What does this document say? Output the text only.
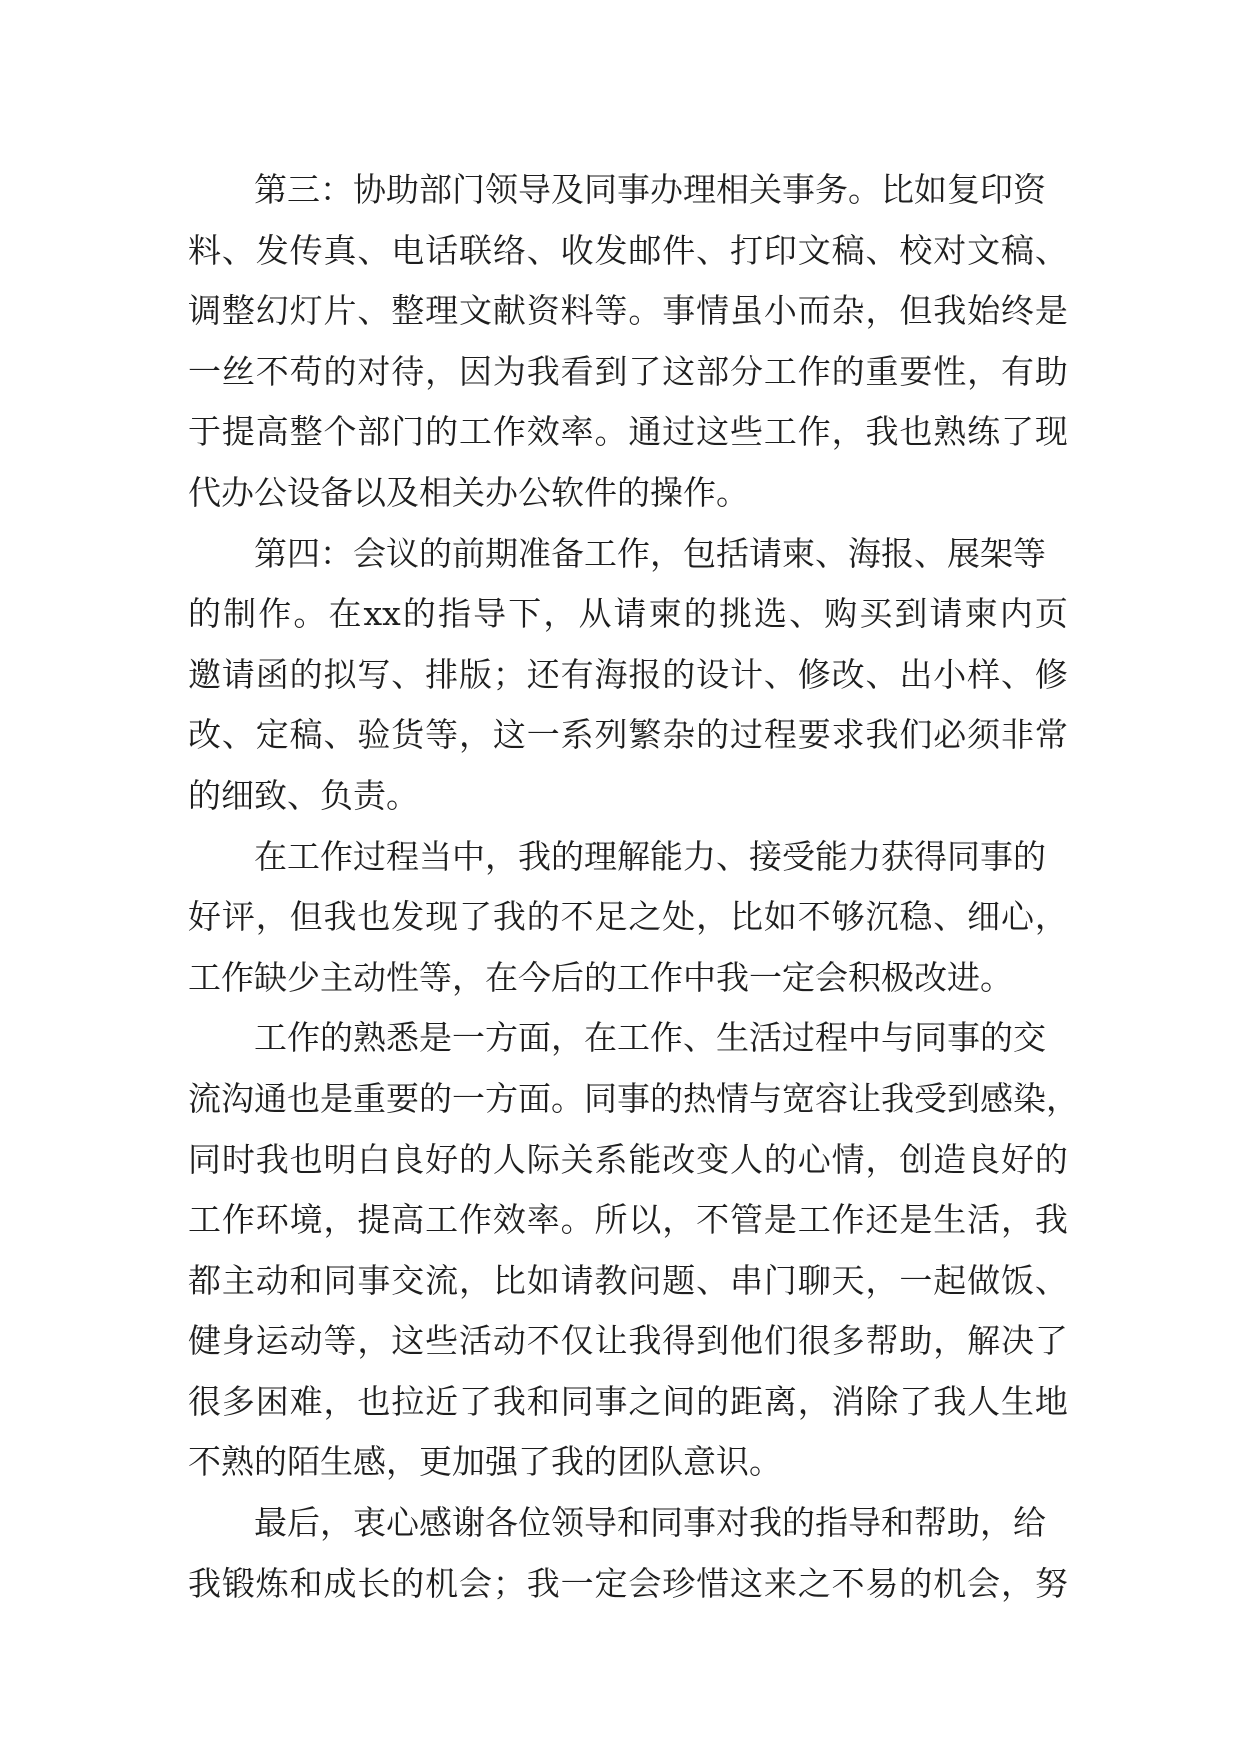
第三：协助部门领导及同事办理相关事务。比如复印资
料 、 发 传 真 、 电 话 联 络 、 收 发 邮 件 、 打 印 文 稿 、 校 对 文 稿 、
调 整 幻 灯 片 、 整 理 文 献 资 料 等 。 事 情 虽 小 而 杂 ， 但 我 始 终 是
一 丝 不 苟 的 对 待 ， 因 为 我 看 到 了 这 部 分 工 作 的 重 要 性 ， 有 助
于 提 高 整 个 部 门 的 工 作 效 率 。 通 过 这 些 工 作 ， 我 也 熟 练 了 现
代办公设备以及相关办公软件的操作。
第四：会议的前期准备工作，包括请柬、海报、展架等
的 制 作 。 在 xx 的 指 导 下 ， 从 请 柬 的 挑 选 、 购 买 到 请 柬 内 页
邀 请 函 的 拟 写 、 排 版 ； 还 有 海 报 的 设 计 、 修 改 、 出 小 样 、 修
改 、 定 稿 、 验 货 等 ， 这 一 系 列 繁 杂 的 过 程 要 求 我 们 必 须 非 常
的细致、负责。
在工作过程当中，我的理解能力、接受能力获得同事的
好 评 ， 但 我 也 发 现 了 我 的 不 足 之 处 ， 比 如 不 够 沉 稳 、 细 心 ，
工作缺少主动性等，在今后的工作中我一定会积极改进。
工作的熟悉是一方面，在工作、生活过程中与同事的交
流 沟 通 也 是 重 要 的 一 方 面 。 同 事 的 热 情 与 宽 容 让 我 受 到 感 染 ，
同 时 我 也 明 白 良 好 的 人 际 关 系 能 改 变 人 的 心 情 ， 创 造 良 好 的
工 作 环 境 ， 提 高 工 作 效 率 。 所 以 ， 不 管 是 工 作 还 是 生 活 ， 我
都 主 动 和 同 事 交 流 ， 比 如 请 教 问 题 、 串 门 聊 天 ， 一 起 做 饭 、
健 身 运 动 等 ， 这 些 活 动 不 仅 让 我 得 到 他 们 很 多 帮 助 ， 解 决 了
很 多 困 难 ， 也 拉 近 了 我 和 同 事 之 间 的 距 离 ， 消 除 了 我 人 生 地
不熟的陌生感，更加强了我的团队意识。
最后，衷心感谢各位领导和同事对我的指导和帮助，给
我 锻 炼 和 成 长 的 机 会 ； 我 一 定 会 珍 惜 这 来 之 不 易 的 机 会 ， 努
